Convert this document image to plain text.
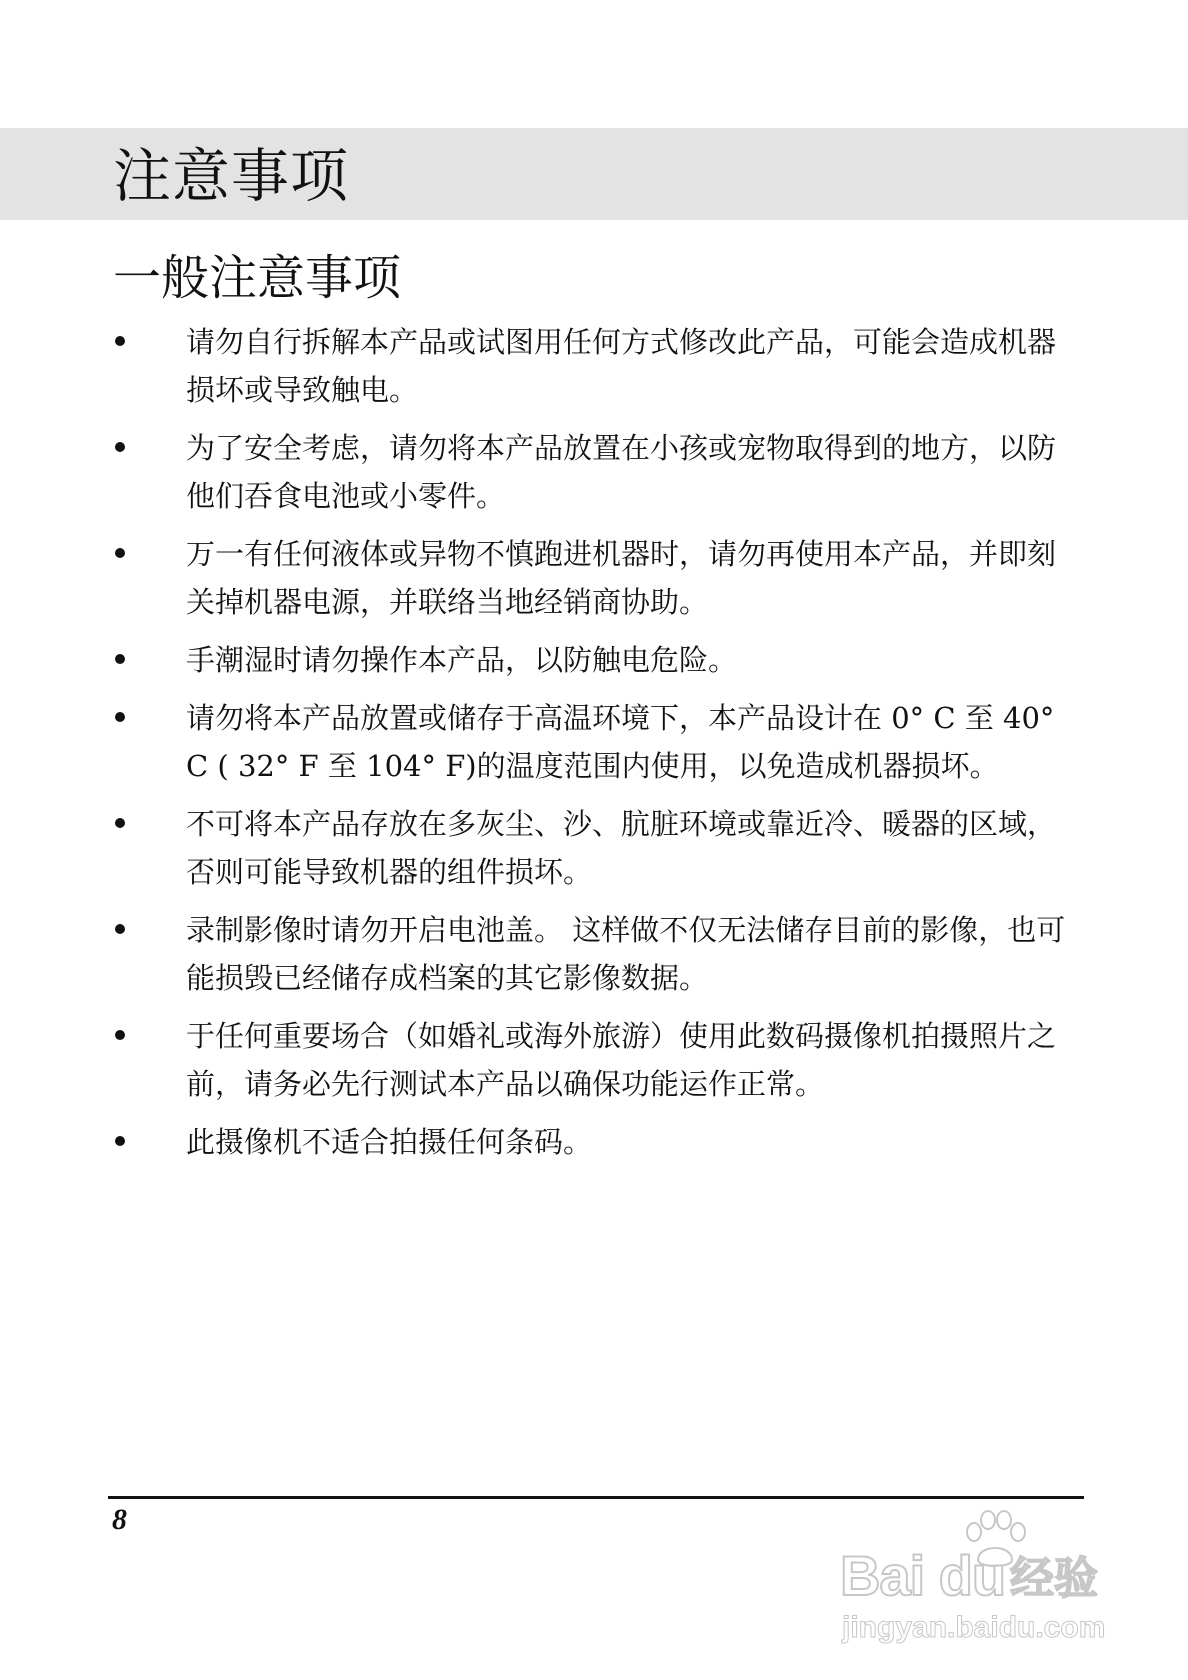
注意事项
一般注意事项
请勿自行拆解本产品或试图用任何方式修改此产品，可能会造成机器损坏或导致触电。
为了安全考虑，请勿将本产品放置在小孩或宠物取得到的地方，以防他们吞食电池或小零件。
万一有任何液体或异物不慎跑进机器时，请勿再使用本产品，并即刻关掉机器电源，并联络当地经销商协助。
手潮湿时请勿操作本产品，以防触电危险。
请勿将本产品放置或储存于高温环境下，本产品设计在 0° C 至 40° C ( 32° F 至 104° F)的温度范围内使用，以免造成机器损坏。
不可将本产品存放在多灰尘、沙、肮脏环境或靠近冷、暖器的区域，否则可能导致机器的组件损坏。
录制影像时请勿开启电池盖。 这样做不仅无法储存目前的影像，也可能损毁已经储存成档案的其它影像数据。
于任何重要场合（如婚礼或海外旅游）使用此数码摄像机拍摄照片之前，请务必先行测试本产品以确保功能运作正常。
此摄像机不适合拍摄任何条码。
8
Bai du 经验
jingyan.baidu.com
